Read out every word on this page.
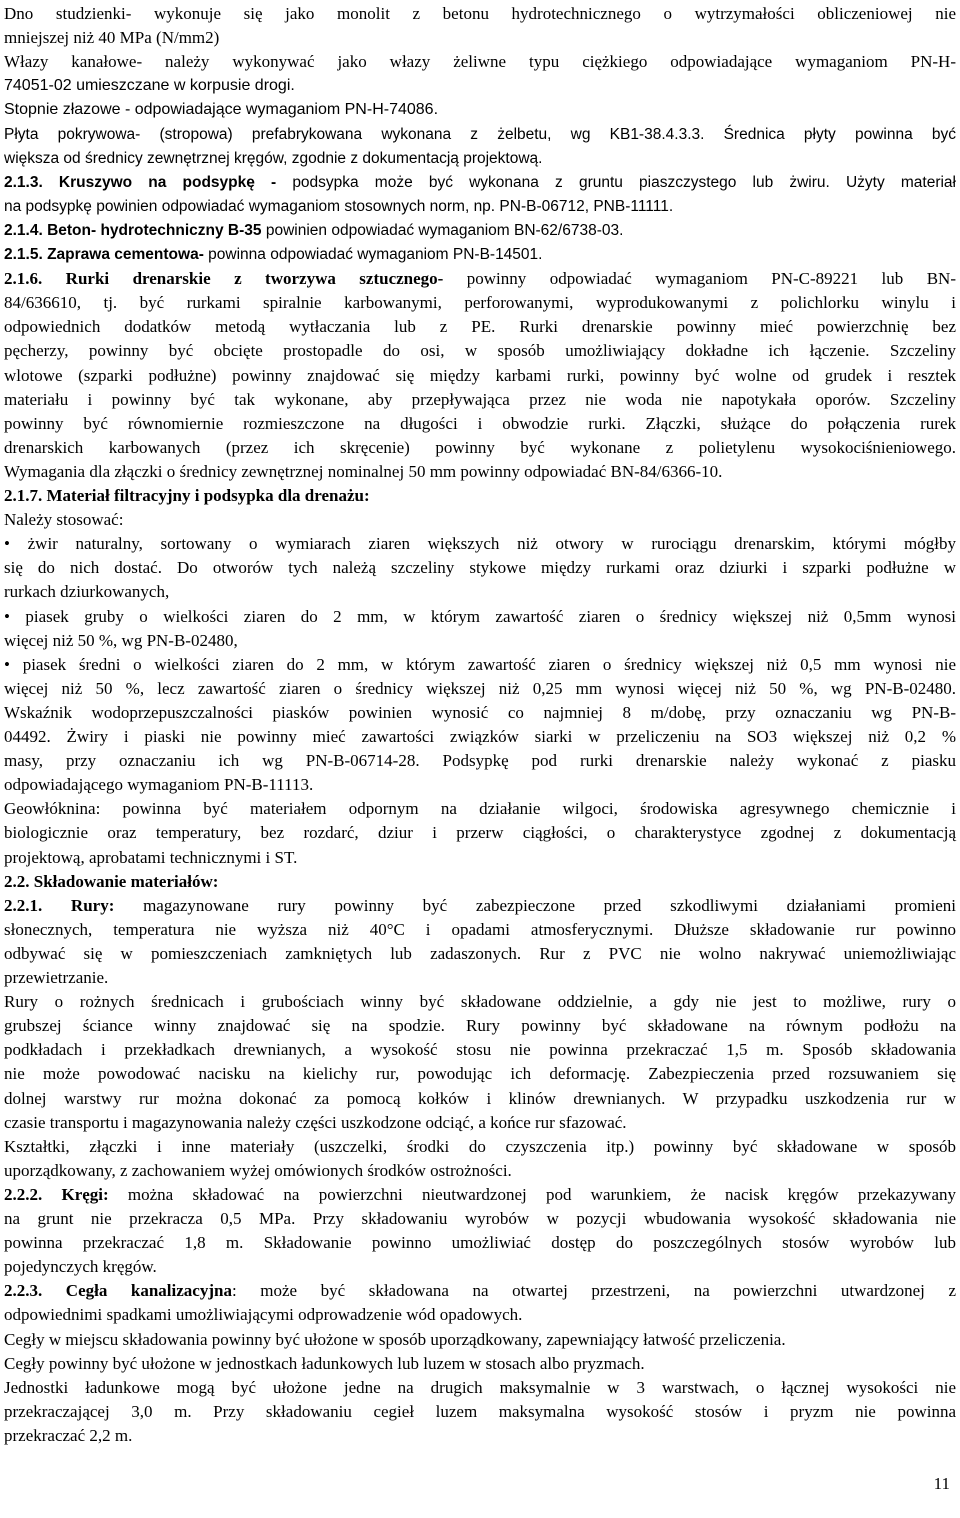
Dno studzienki- wykonuje się jako monolit z betonu hydrotechnicznego o wytrzymałości obliczeniowej nie
mniejszej niż 40 MPa (N/mm2)
Włazy kanałowe- należy wykonywać jako włazy żeliwne typu ciężkiego odpowiadające wymaganiom PN-H-
74051-02 umieszczane w korpusie drogi.
Stopnie złazowe - odpowiadające wymaganiom PN-H-74086.
Płyta pokrywowa- (stropowa) prefabrykowana wykonana z żelbetu, wg KB1-38.4.3.3. Średnica płyty powinna być
większa od średnicy zewnętrznej kręgów, zgodnie z dokumentacją projektową.
2.1.3. Kruszywo na podsypkę - podsypka może być wykonana z gruntu piaszczystego lub żwiru. Użyty materiał
na podsypkę powinien odpowiadać wymaganiom stosownych norm, np. PN-B-06712, PNB-11111.
2.1.4. Beton- hydrotechniczny B-35 powinien odpowiadać wymaganiom BN-62/6738-03.
2.1.5. Zaprawa cementowa- powinna odpowiadać wymaganiom PN-B-14501.
2.1.6. Rurki drenarskie z tworzywa sztucznego- powinny odpowiadać wymaganiom PN-C-89221 lub BN-
84/636610, tj. być rurkami spiralnie karbowanymi, perforowanymi, wyprodukowanymi z polichlorku winylu i
odpowiednich dodatków metodą wytłaczania lub z PE. Rurki drenarskie powinny mieć powierzchnię bez
pęcherzy, powinny być obcięte prostopadle do osi, w sposób umożliwiający dokładne ich łączenie. Szczeliny
wlotowe (szparki podłużne) powinny znajdować się między karbami rurki, powinny być wolne od grudek i resztek
materiału i powinny być tak wykonane, aby przepływająca przez nie woda nie napotykała oporów. Szczeliny
powinny być równomiernie rozmieszczone na długości i obwodzie rurki. Złączki, służące do połączenia rurek
drenarskich karbowanych (przez ich skręcenie) powinny być wykonane z polietylenu wysokociśnieniowego.
Wymagania dla złączki o średnicy zewnętrznej nominalnej 50 mm powinny odpowiadać BN-84/6366-10.
2.1.7. Materiał filtracyjny i podsypka dla drenażu:
Należy stosować:
• żwir naturalny, sortowany o wymiarach ziaren większych niż otwory w rurociągu drenarskim, którymi mógłby
się do nich dostać. Do otworów tych należą szczeliny stykowe między rurkami oraz dziurki i szparki podłużne w
rurkach dziurkowanych,
• piasek gruby o wielkości ziaren do 2 mm, w którym zawartość ziaren o średnicy większej niż 0,5mm wynosi
więcej niż 50 %, wg PN-B-02480,
• piasek średni o wielkości ziaren do 2 mm, w którym zawartość ziaren o średnicy większej niż 0,5 mm wynosi nie
więcej niż 50 %, lecz zawartość ziaren o średnicy większej niż 0,25 mm wynosi więcej niż 50 %, wg PN-B-02480.
Wskaźnik wodoprzepuszczalności piasków powinien wynosić co najmniej 8 m/dobę, przy oznaczaniu wg PN-B-
04492. Żwiry i piaski nie powinny mieć zawartości związków siarki w przeliczeniu na SO3 większej niż 0,2 %
masy, przy oznaczaniu ich wg PN-B-06714-28. Podsypkę pod rurki drenarskie należy wykonać z piasku
odpowiadającego wymaganiom PN-B-11113.
Geowłóknina: powinna być materiałem odpornym na działanie wilgoci, środowiska agresywnego chemicznie i
biologicznie oraz temperatury, bez rozdarć, dziur i przerw ciągłości, o charakterystyce zgodnej z dokumentacją
projektową, aprobatami technicznymi i ST.
2.2. Składowanie materiałów:
2.2.1. Rury: magazynowane rury powinny być zabezpieczone przed szkodliwymi działaniami promieni
słonecznych, temperatura nie wyższa niż 40°C i opadami atmosferycznymi. Dłuższe składowanie rur powinno
odbywać się w pomieszczeniach zamkniętych lub zadaszonych. Rur z PVC nie wolno nakrywać uniemożliwiając
przewietrzanie.
Rury o rożnych średnicach i grubościach winny być składowane oddzielnie, a gdy nie jest to możliwe, rury o
grubszej ściance winny znajdować się na spodzie. Rury powinny być składowane na równym podłożu na
podkładach i przekładkach drewnianych, a wysokość stosu nie powinna przekraczać 1,5 m. Sposób składowania
nie może powodować nacisku na kielichy rur, powodując ich deformację. Zabezpieczenia przed rozsuwaniem się
dolnej warstwy rur można dokonać za pomocą kołków i klinów drewnianych. W przypadku uszkodzenia rur w
czasie transportu i magazynowania należy części uszkodzone odciąć, a końce rur sfazować.
Kształtki, złączki i inne materiały (uszczelki, środki do czyszczenia itp.) powinny być składowane w sposób
uporządkowany, z zachowaniem wyżej omówionych środków ostrożności.
2.2.2. Kręgi: można składować na powierzchni nieutwardzonej pod warunkiem, że nacisk kręgów przekazywany
na grunt nie przekracza 0,5 MPa. Przy składowaniu wyrobów w pozycji wbudowania wysokość składowania nie
powinna przekraczać 1,8 m. Składowanie powinno umożliwiać dostęp do poszczególnych stosów wyrobów lub
pojedynczych kręgów.
2.2.3. Cegła kanalizacyjna: może być składowana na otwartej przestrzeni, na powierzchni utwardzonej z
odpowiednimi spadkami umożliwiającymi odprowadzenie wód opadowych.
Cegły w miejscu składowania powinny być ułożone w sposób uporządkowany, zapewniający łatwość przeliczenia.
Cegły powinny być ułożone w jednostkach ładunkowych lub luzem w stosach albo pryzmach.
Jednostki ładunkowe mogą być ułożone jedne na drugich maksymalnie w 3 warstwach, o łącznej wysokości nie
przekraczającej 3,0 m. Przy składowaniu cegieł luzem maksymalna wysokość stosów i pryzm nie powinna
przekraczać 2,2 m.
11
